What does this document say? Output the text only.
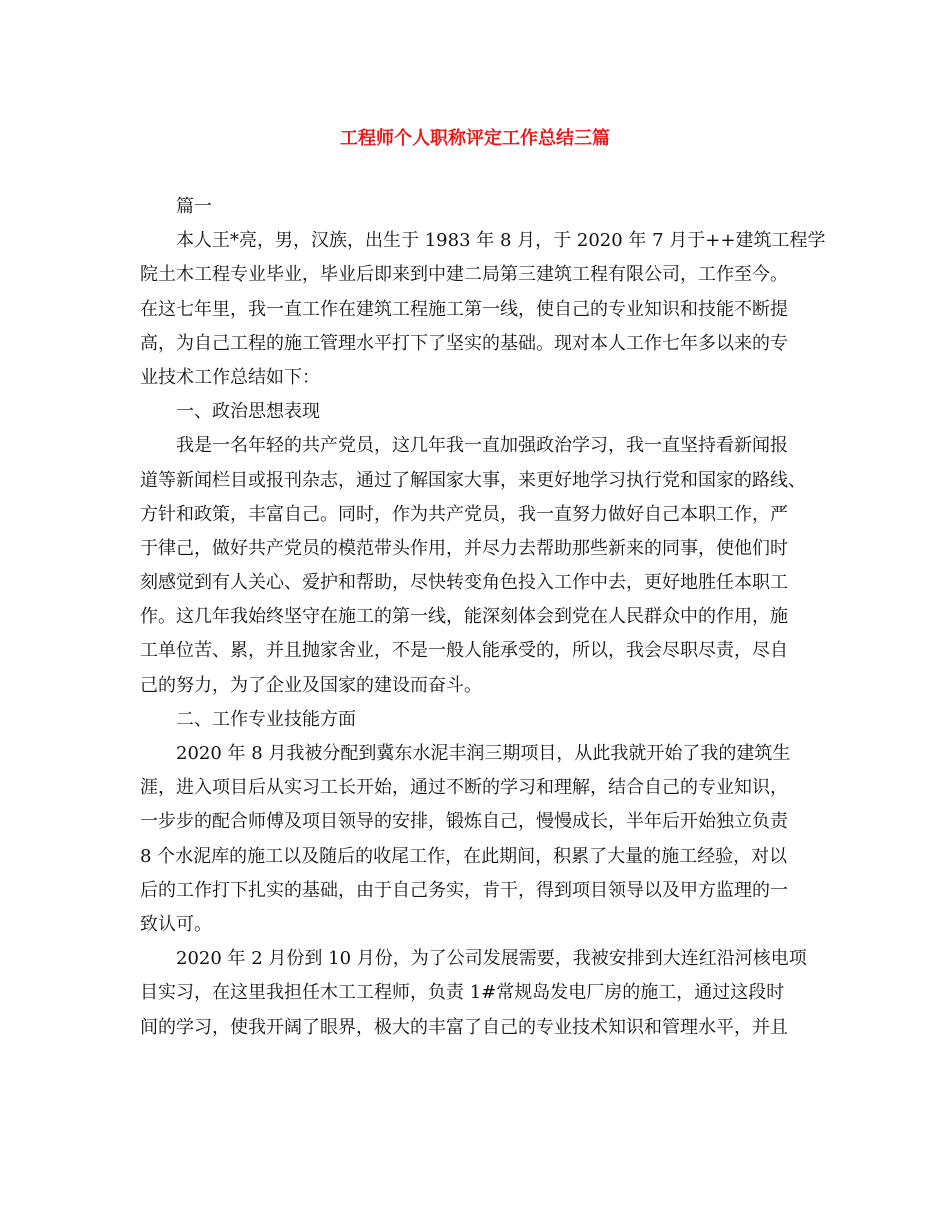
工程师个人职称评定工作总结三篇
篇一
本人王*亮，男，汉族，出生于 1983 年 8 月，于 2020 年 7 月于++建筑工程学
院土木工程专业毕业，毕业后即来到中建二局第三建筑工程有限公司，工作至今。
在这七年里，我一直工作在建筑工程施工第一线，使自己的专业知识和技能不断提
高，为自己工程的施工管理水平打下了坚实的基础。现对本人工作七年多以来的专
业技术工作总结如下：
一、政治思想表现
我是一名年轻的共产党员，这几年我一直加强政治学习，我一直坚持看新闻报
道等新闻栏目或报刊杂志，通过了解国家大事，来更好地学习执行党和国家的路线、
方针和政策，丰富自己。同时，作为共产党员，我一直努力做好自己本职工作，严
于律己，做好共产党员的模范带头作用，并尽力去帮助那些新来的同事，使他们时
刻感觉到有人关心、爱护和帮助，尽快转变角色投入工作中去，更好地胜任本职工
作。这几年我始终坚守在施工的第一线，能深刻体会到党在人民群众中的作用，施
工单位苦、累，并且抛家舍业，不是一般人能承受的，所以，我会尽职尽责，尽自
己的努力，为了企业及国家的建设而奋斗。
二、工作专业技能方面
2020 年 8 月我被分配到冀东水泥丰润三期项目，从此我就开始了我的建筑生
涯，进入项目后从实习工长开始，通过不断的学习和理解，结合自己的专业知识，
一步步的配合师傅及项目领导的安排，锻炼自己，慢慢成长，半年后开始独立负责
8 个水泥库的施工以及随后的收尾工作，在此期间，积累了大量的施工经验，对以
后的工作打下扎实的基础，由于自己务实，肯干，得到项目领导以及甲方监理的一
致认可。
2020 年 2 月份到 10 月份，为了公司发展需要，我被安排到大连红沿河核电项
目实习，在这里我担任木工工程师，负责 1#常规岛发电厂房的施工，通过这段时
间的学习，使我开阔了眼界，极大的丰富了自己的专业技术知识和管理水平，并且
